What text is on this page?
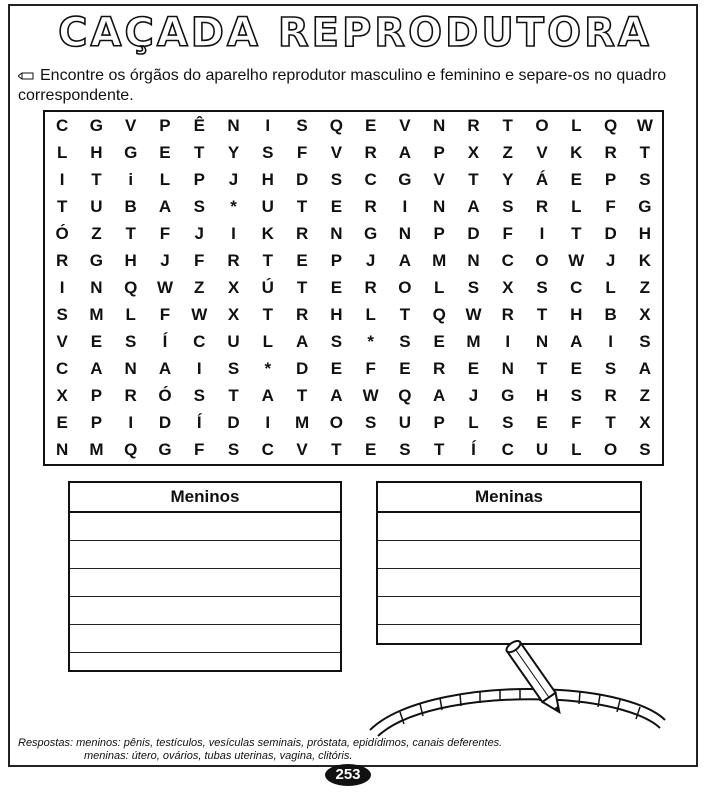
CAÇADA REPRODUTORA
Encontre os órgãos do aparelho reprodutor masculino e feminino e separe-os no quadro correspondente.
C	G	V	P	Ê	N	I	S	Q	E	V	N	R	T	O	L	Q	W
L	H	G	E	T	Y	S	F	V	R	A	P	X	Z	V	K	R	T
I	T	i	L	P	J	H	D	S	C	G	V	T	Y	Á	E	P	S
T	U	B	A	S	*	U	T	E	R	I	N	A	S	R	L	F	G
Ó	Z	T	F	J	I	K	R	N	G	N	P	D	F	I	T	D	H
R	G	H	J	F	R	T	E	P	J	A	M	N	C	O	W	J	K
I	N	Q	W	Z	X	Ú	T	E	R	O	L	S	X	S	C	L	Z
S	M	L	F	W	X	T	R	H	L	T	Q	W	R	T	H	B	X
V	E	S	Í	C	U	L	A	S	*	S	E	M	I	N	A	I	S
C	A	N	A	I	S	*	D	E	F	E	R	E	N	T	E	S	A
X	P	R	Ó	S	T	A	T	A	W	Q	A	J	G	H	S	R	Z
E	P	I	D	Í	D	I	M	O	S	U	P	L	S	E	F	T	X
N	M	Q	G	F	S	C	V	T	E	S	T	Í	C	U	L	O	S
Meninos	Meninas
Respostas: meninos: pênis, testículos, vesículas seminais, próstata, epidídimos, canais deferentes.
meninas: útero, ovários, tubas uterinas, vagina, clitóris.
253
